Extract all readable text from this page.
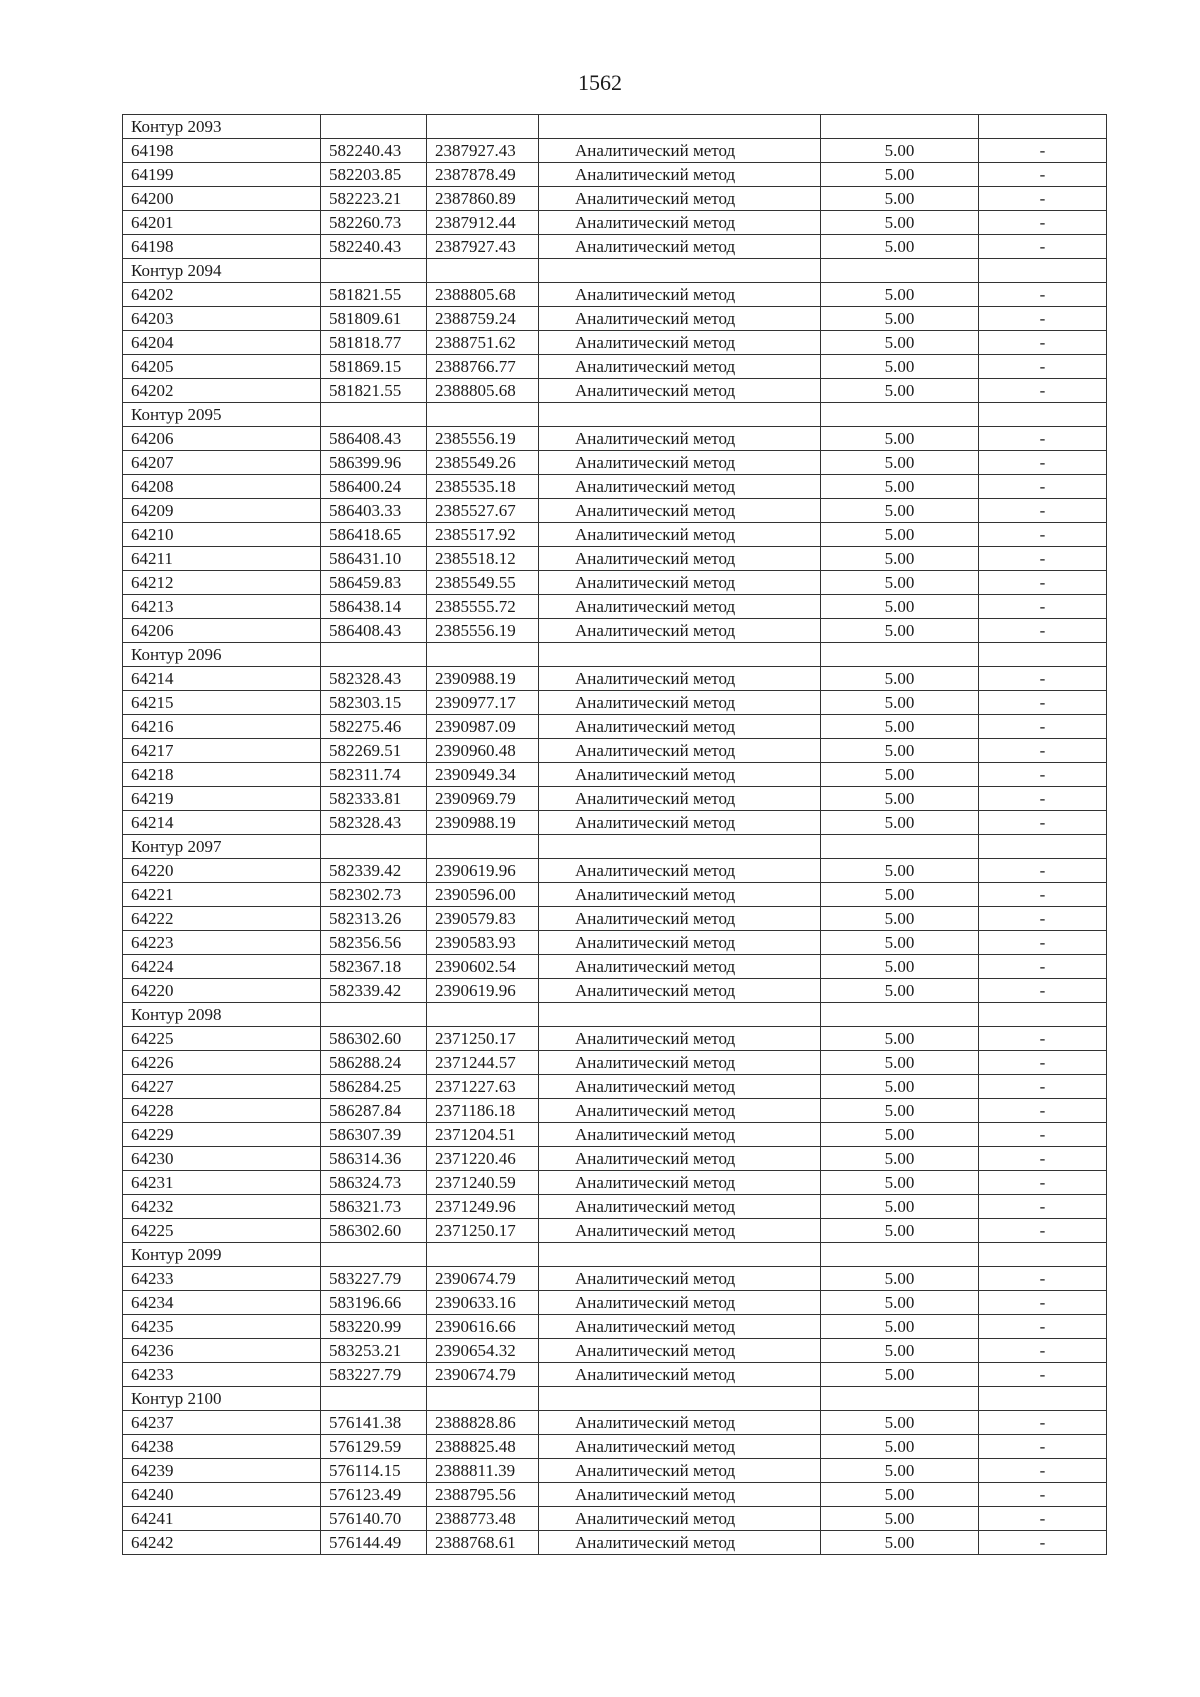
1562
Контур 2093					
64198	582240.43	2387927.43	Аналитический метод	5.00	-
64199	582203.85	2387878.49	Аналитический метод	5.00	-
64200	582223.21	2387860.89	Аналитический метод	5.00	-
64201	582260.73	2387912.44	Аналитический метод	5.00	-
64198	582240.43	2387927.43	Аналитический метод	5.00	-
Контур 2094					
64202	581821.55	2388805.68	Аналитический метод	5.00	-
64203	581809.61	2388759.24	Аналитический метод	5.00	-
64204	581818.77	2388751.62	Аналитический метод	5.00	-
64205	581869.15	2388766.77	Аналитический метод	5.00	-
64202	581821.55	2388805.68	Аналитический метод	5.00	-
Контур 2095					
64206	586408.43	2385556.19	Аналитический метод	5.00	-
64207	586399.96	2385549.26	Аналитический метод	5.00	-
64208	586400.24	2385535.18	Аналитический метод	5.00	-
64209	586403.33	2385527.67	Аналитический метод	5.00	-
64210	586418.65	2385517.92	Аналитический метод	5.00	-
64211	586431.10	2385518.12	Аналитический метод	5.00	-
64212	586459.83	2385549.55	Аналитический метод	5.00	-
64213	586438.14	2385555.72	Аналитический метод	5.00	-
64206	586408.43	2385556.19	Аналитический метод	5.00	-
Контур 2096					
64214	582328.43	2390988.19	Аналитический метод	5.00	-
64215	582303.15	2390977.17	Аналитический метод	5.00	-
64216	582275.46	2390987.09	Аналитический метод	5.00	-
64217	582269.51	2390960.48	Аналитический метод	5.00	-
64218	582311.74	2390949.34	Аналитический метод	5.00	-
64219	582333.81	2390969.79	Аналитический метод	5.00	-
64214	582328.43	2390988.19	Аналитический метод	5.00	-
Контур 2097					
64220	582339.42	2390619.96	Аналитический метод	5.00	-
64221	582302.73	2390596.00	Аналитический метод	5.00	-
64222	582313.26	2390579.83	Аналитический метод	5.00	-
64223	582356.56	2390583.93	Аналитический метод	5.00	-
64224	582367.18	2390602.54	Аналитический метод	5.00	-
64220	582339.42	2390619.96	Аналитический метод	5.00	-
Контур 2098					
64225	586302.60	2371250.17	Аналитический метод	5.00	-
64226	586288.24	2371244.57	Аналитический метод	5.00	-
64227	586284.25	2371227.63	Аналитический метод	5.00	-
64228	586287.84	2371186.18	Аналитический метод	5.00	-
64229	586307.39	2371204.51	Аналитический метод	5.00	-
64230	586314.36	2371220.46	Аналитический метод	5.00	-
64231	586324.73	2371240.59	Аналитический метод	5.00	-
64232	586321.73	2371249.96	Аналитический метод	5.00	-
64225	586302.60	2371250.17	Аналитический метод	5.00	-
Контур 2099					
64233	583227.79	2390674.79	Аналитический метод	5.00	-
64234	583196.66	2390633.16	Аналитический метод	5.00	-
64235	583220.99	2390616.66	Аналитический метод	5.00	-
64236	583253.21	2390654.32	Аналитический метод	5.00	-
64233	583227.79	2390674.79	Аналитический метод	5.00	-
Контур 2100					
64237	576141.38	2388828.86	Аналитический метод	5.00	-
64238	576129.59	2388825.48	Аналитический метод	5.00	-
64239	576114.15	2388811.39	Аналитический метод	5.00	-
64240	576123.49	2388795.56	Аналитический метод	5.00	-
64241	576140.70	2388773.48	Аналитический метод	5.00	-
64242	576144.49	2388768.61	Аналитический метод	5.00	-
